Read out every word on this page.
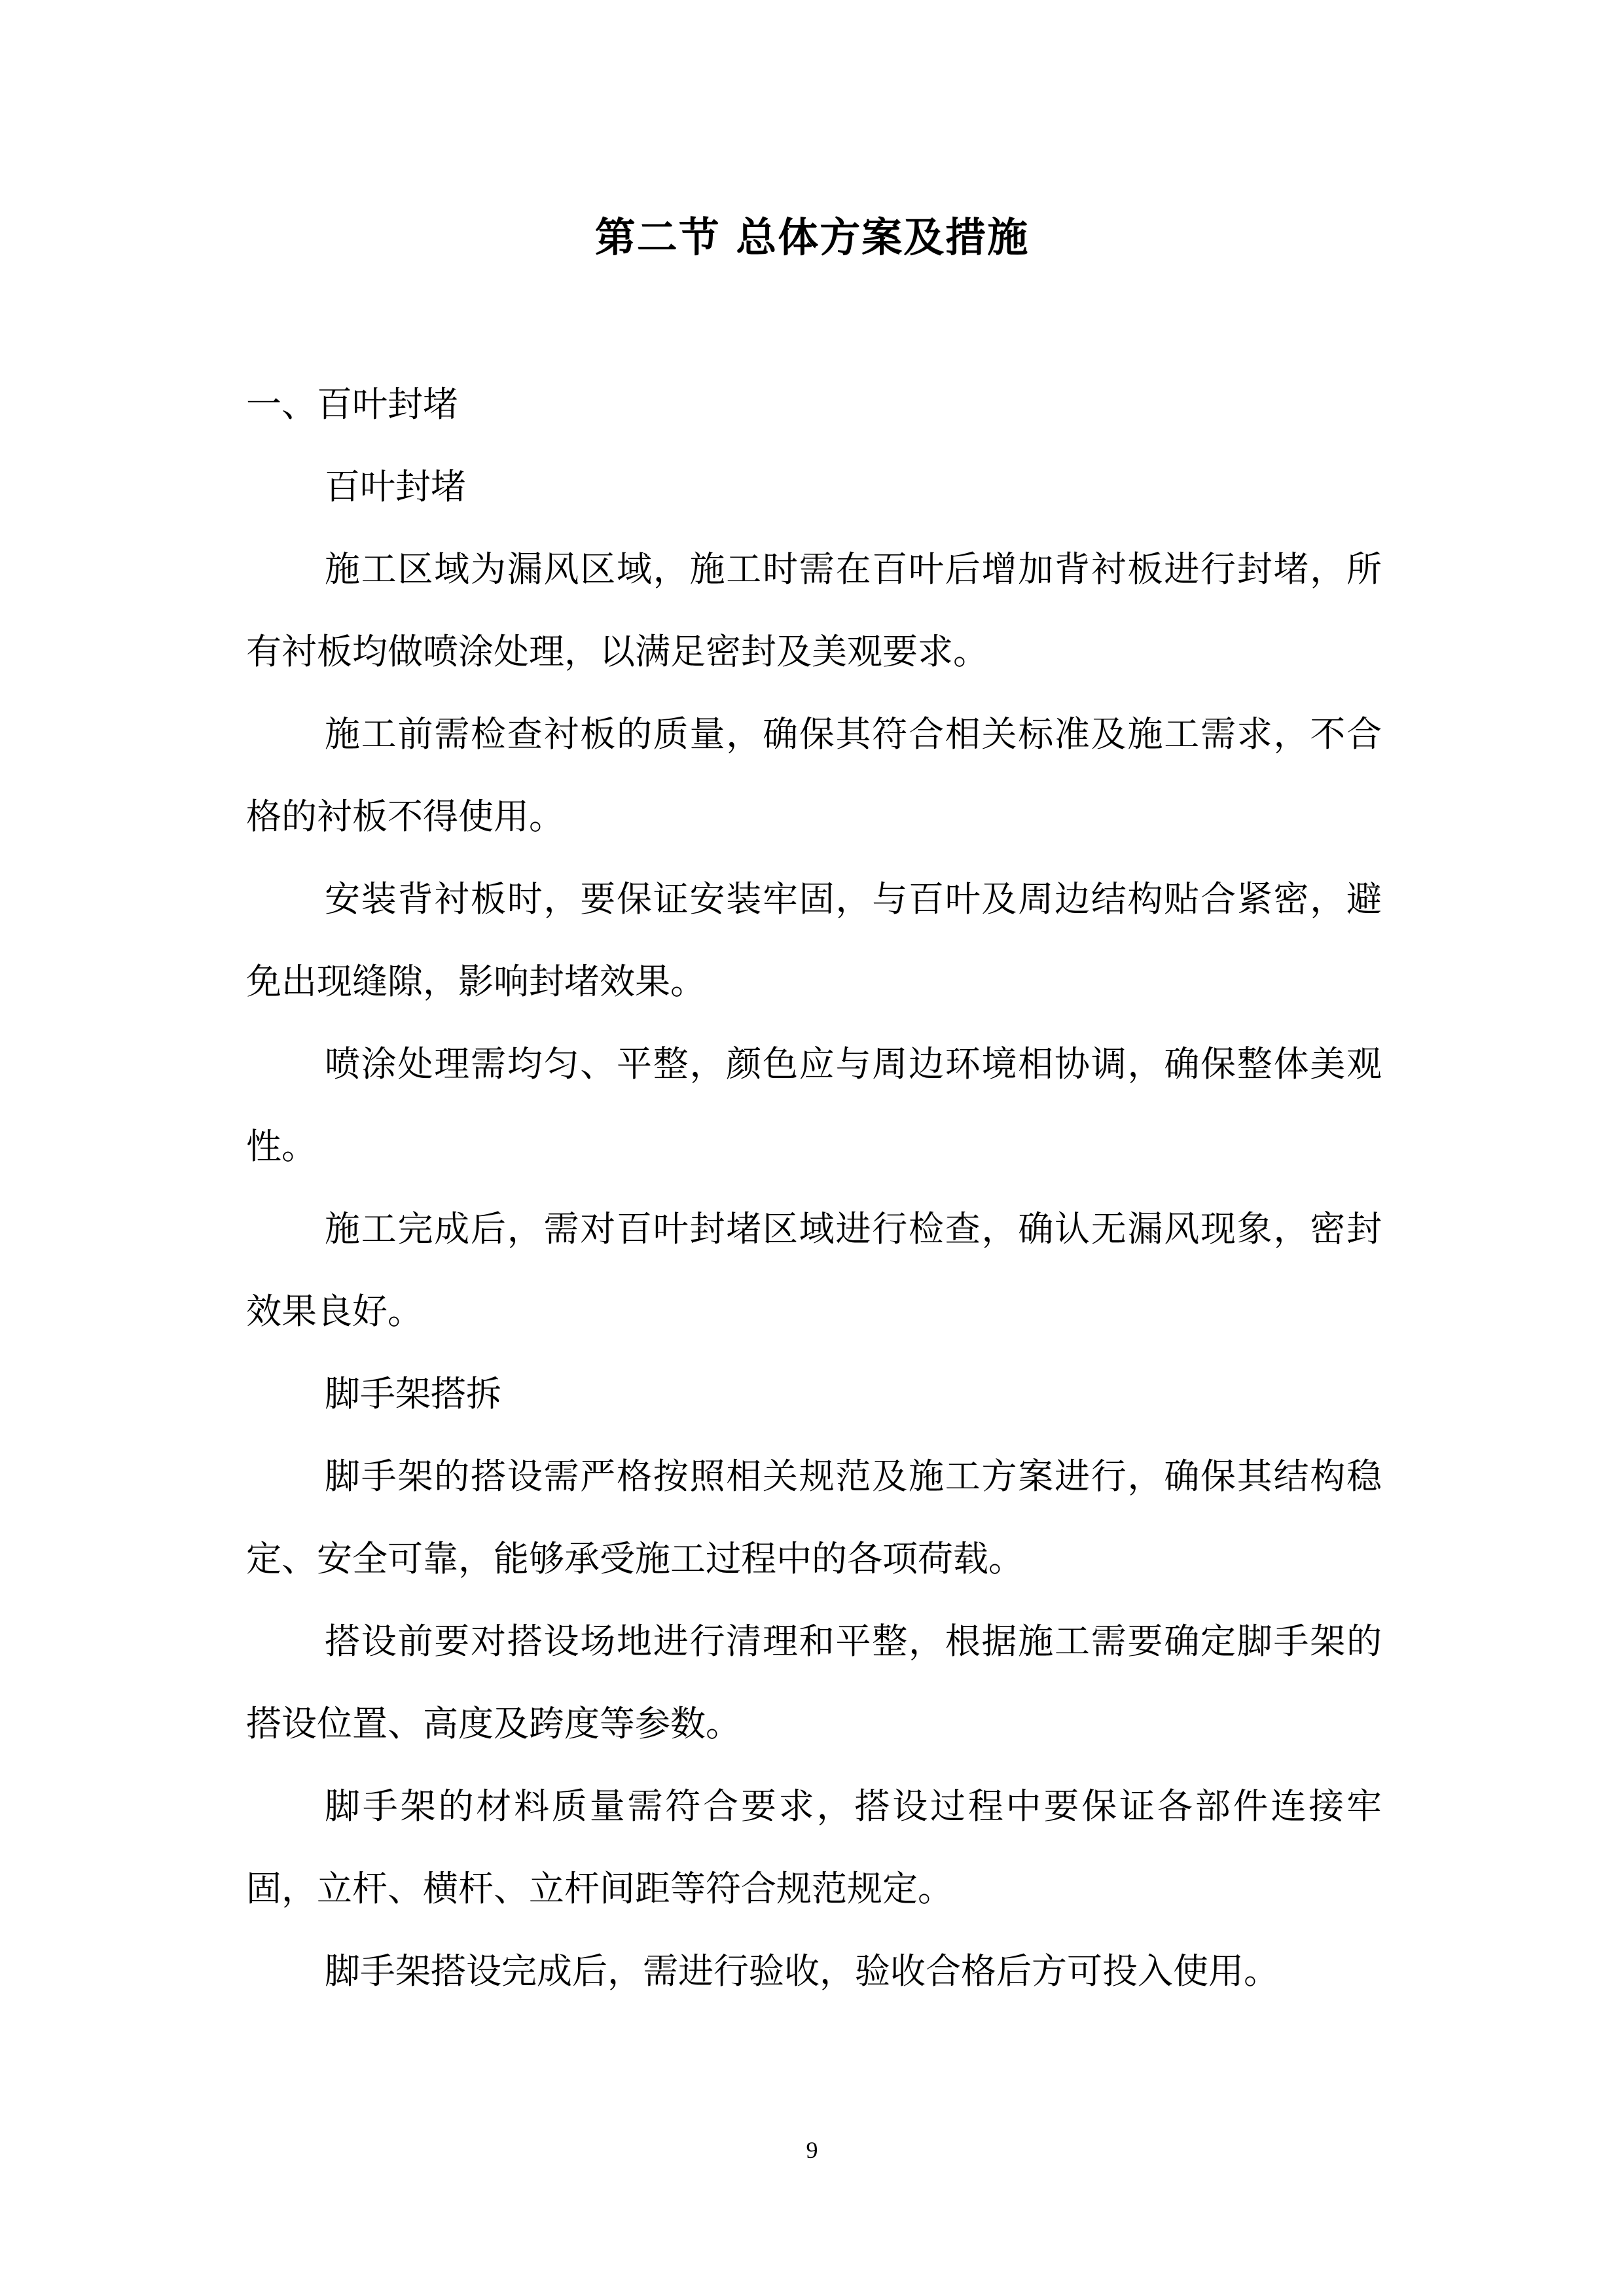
第二节 总体方案及措施

一、百叶封堵

百叶封堵

施工区域为漏风区域，施工时需在百叶后增加背衬板进行封堵，所有衬板均做喷涂处理，以满足密封及美观要求。

施工前需检查衬板的质量，确保其符合相关标准及施工需求，不合格的衬板不得使用。

安装背衬板时，要保证安装牢固，与百叶及周边结构贴合紧密，避免出现缝隙，影响封堵效果。

喷涂处理需均匀、平整，颜色应与周边环境相协调，确保整体美观性。

施工完成后，需对百叶封堵区域进行检查，确认无漏风现象，密封效果良好。

脚手架搭拆

脚手架的搭设需严格按照相关规范及施工方案进行，确保其结构稳定、安全可靠，能够承受施工过程中的各项荷载。

搭设前要对搭设场地进行清理和平整，根据施工需要确定脚手架的搭设位置、高度及跨度等参数。

脚手架的材料质量需符合要求，搭设过程中要保证各部件连接牢固，立杆、横杆、立杆间距等符合规范规定。

脚手架搭设完成后，需进行验收，验收合格后方可投入使用。

9
